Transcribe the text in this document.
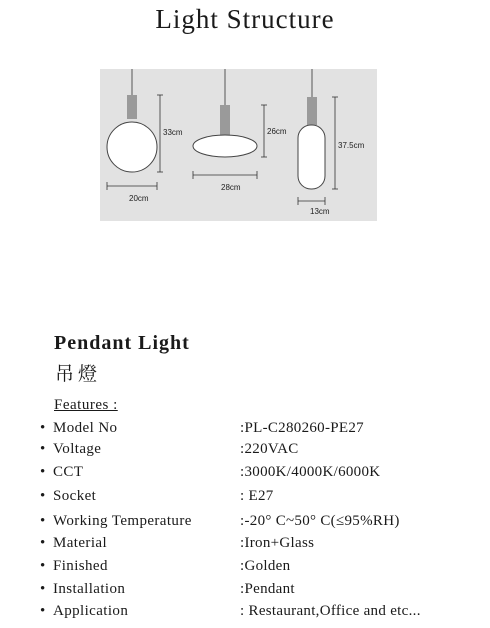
Light Structure
33cm
20cm
26cm
28cm
37.5cm
13cm
Pendant Light
吊燈
Features :
• Model No	:PL-C280260-PE27
• Voltage	:220VAC
• CCT	:3000K/4000K/6000K
• Socket	: E27
• Working Temperature	:-20° C~50° C(≤95%RH)
• Material	:Iron+Glass
• Finished	:Golden
• Installation	:Pendant
• Application	: Restaurant,Office and etc...
